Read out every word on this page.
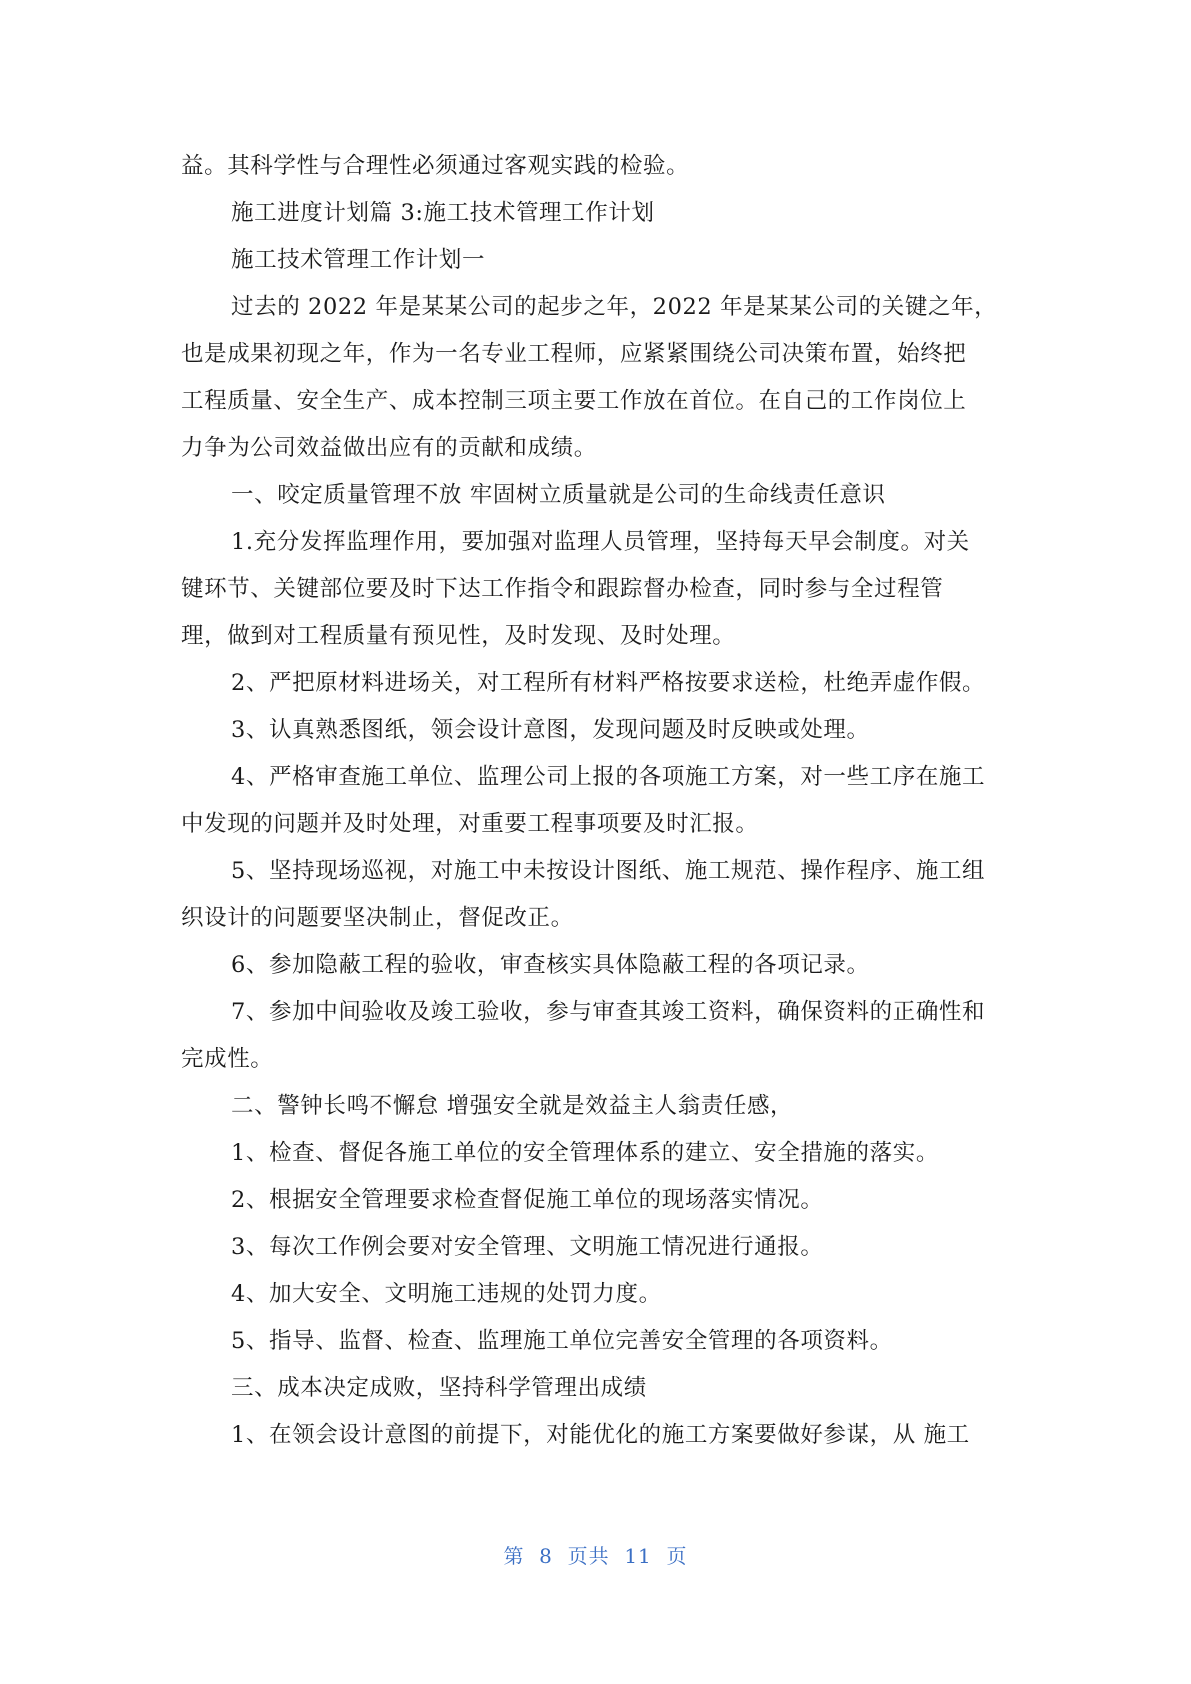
益。其科学性与合理性必须通过客观实践的检验。
施工进度计划篇 3:施工技术管理工作计划
施工技术管理工作计划一
过去的 2022 年是某某公司的起步之年，2022 年是某某公司的关键之年，
也是成果初现之年，作为一名专业工程师，应紧紧围绕公司决策布置，始终把
工程质量、安全生产、成本控制三项主要工作放在首位。在自己的工作岗位上
力争为公司效益做出应有的贡献和成绩。
一、咬定质量管理不放 牢固树立质量就是公司的生命线责任意识
1.充分发挥监理作用，要加强对监理人员管理，坚持每天早会制度。对关
键环节、关键部位要及时下达工作指令和跟踪督办检查，同时参与全过程管
理，做到对工程质量有预见性，及时发现、及时处理。
2、严把原材料进场关，对工程所有材料严格按要求送检，杜绝弄虚作假。
3、认真熟悉图纸，领会设计意图，发现问题及时反映或处理。
4、严格审查施工单位、监理公司上报的各项施工方案，对一些工序在施工
中发现的问题并及时处理，对重要工程事项要及时汇报。
5、坚持现场巡视，对施工中未按设计图纸、施工规范、操作程序、施工组
织设计的问题要坚决制止，督促改正。
6、参加隐蔽工程的验收，审查核实具体隐蔽工程的各项记录。
7、参加中间验收及竣工验收，参与审查其竣工资料，确保资料的正确性和
完成性。
二、警钟长鸣不懈怠 增强安全就是效益主人翁责任感，
1、检查、督促各施工单位的安全管理体系的建立、安全措施的落实。
2、根据安全管理要求检查督促施工单位的现场落实情况。
3、每次工作例会要对安全管理、文明施工情况进行通报。
4、加大安全、文明施工违规的处罚力度。
5、指导、监督、检查、监理施工单位完善安全管理的各项资料。
三、成本决定成败，坚持科学管理出成绩
1、在领会设计意图的前提下，对能优化的施工方案要做好参谋，从 施工
第  8  页共  11  页
